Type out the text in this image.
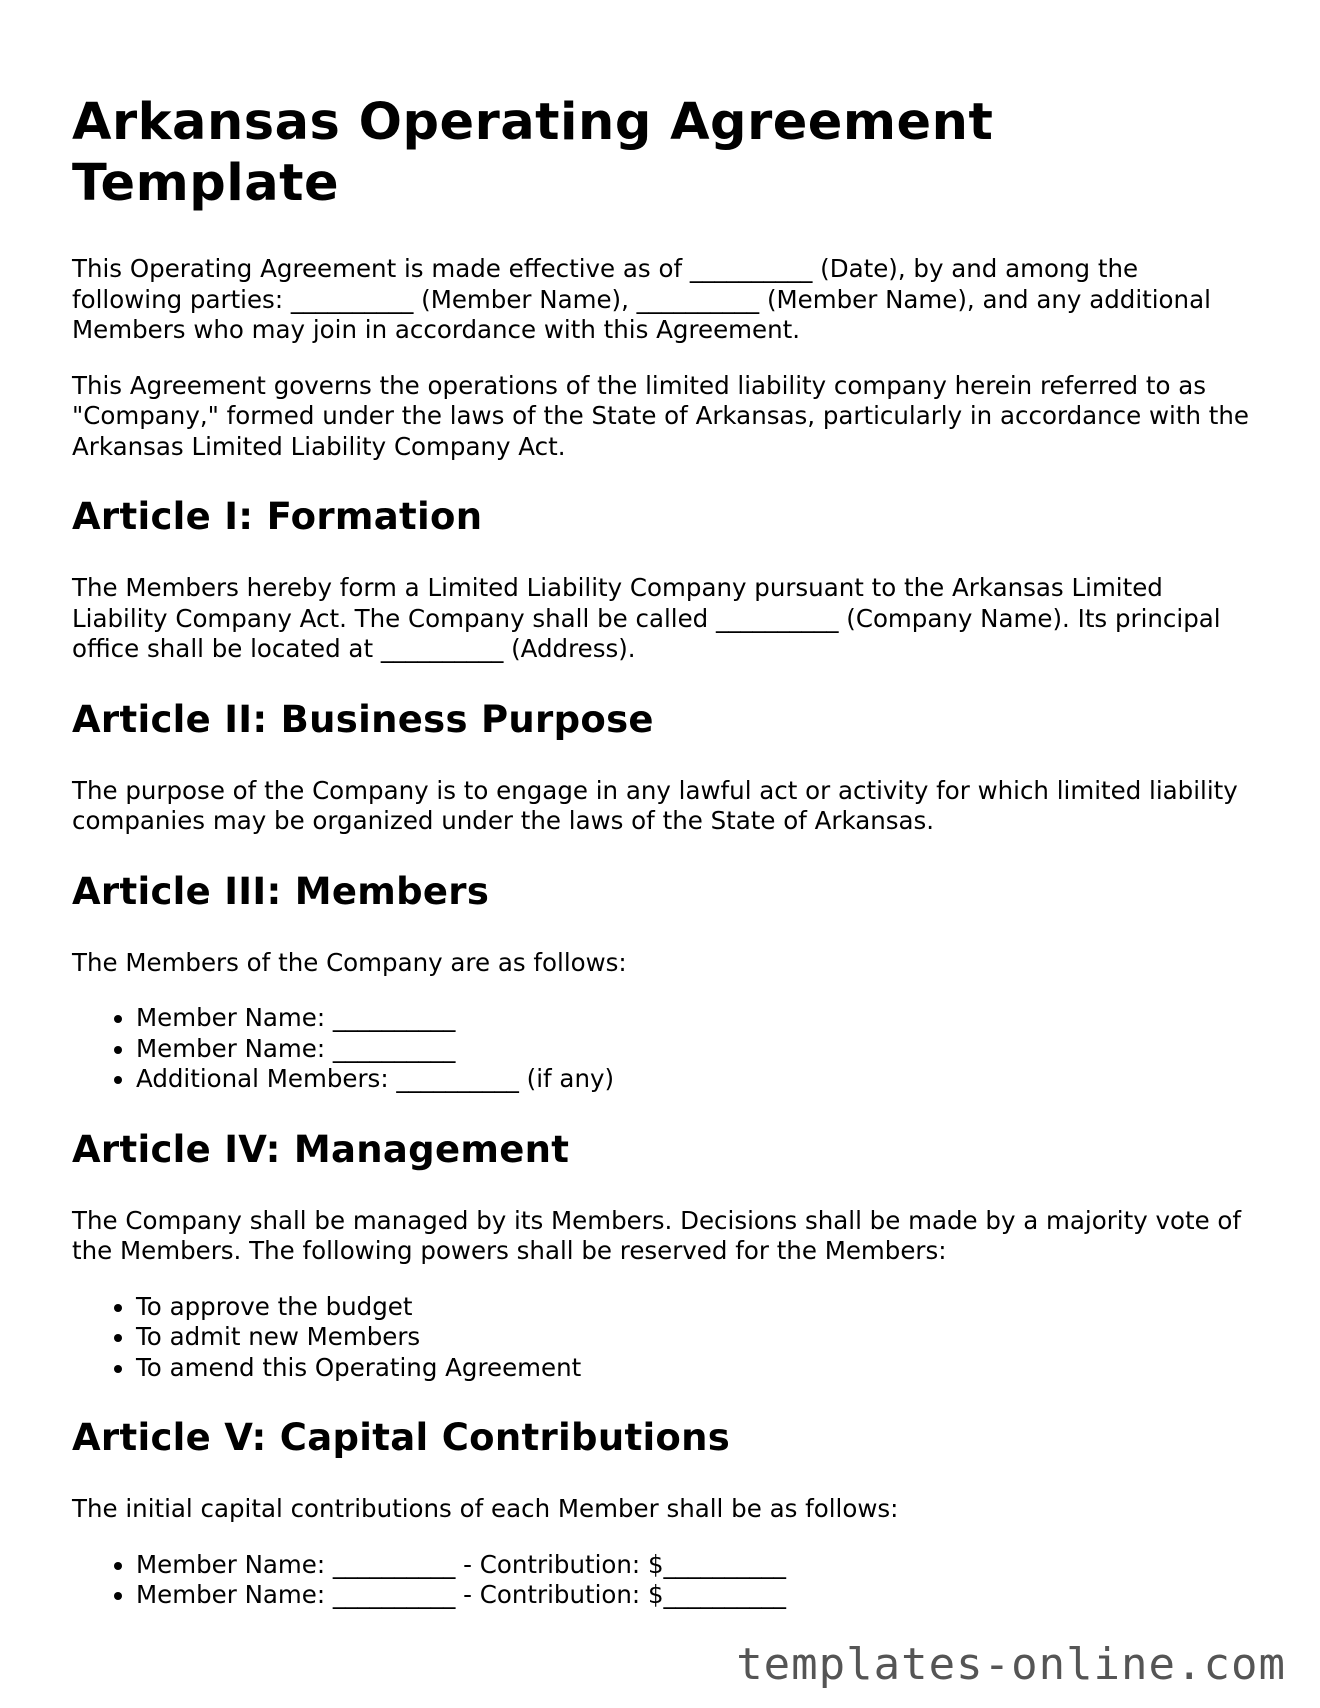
Arkansas Operating Agreement Template

This Operating Agreement is made effective as of __________ (Date), by and among the following parties: __________ (Member Name), __________ (Member Name), and any additional Members who may join in accordance with this Agreement.

This Agreement governs the operations of the limited liability company herein referred to as "Company," formed under the laws of the State of Arkansas, particularly in accordance with the Arkansas Limited Liability Company Act.

Article I: Formation

The Members hereby form a Limited Liability Company pursuant to the Arkansas Limited Liability Company Act. The Company shall be called __________ (Company Name). Its principal office shall be located at __________ (Address).

Article II: Business Purpose

The purpose of the Company is to engage in any lawful act or activity for which limited liability companies may be organized under the laws of the State of Arkansas.

Article III: Members

The Members of the Company are as follows:

• Member Name: __________
• Member Name: __________
• Additional Members: __________ (if any)
Article IV: Management

The Company shall be managed by its Members. Decisions shall be made by a majority vote of the Members. The following powers shall be reserved for the Members:

• To approve the budget
• To admit new Members
• To amend this Operating Agreement
Article V: Capital Contributions

The initial capital contributions of each Member shall be as follows:

• Member Name: __________ - Contribution: $__________
• Member Name: __________ - Contribution: $__________
templates-online.com
